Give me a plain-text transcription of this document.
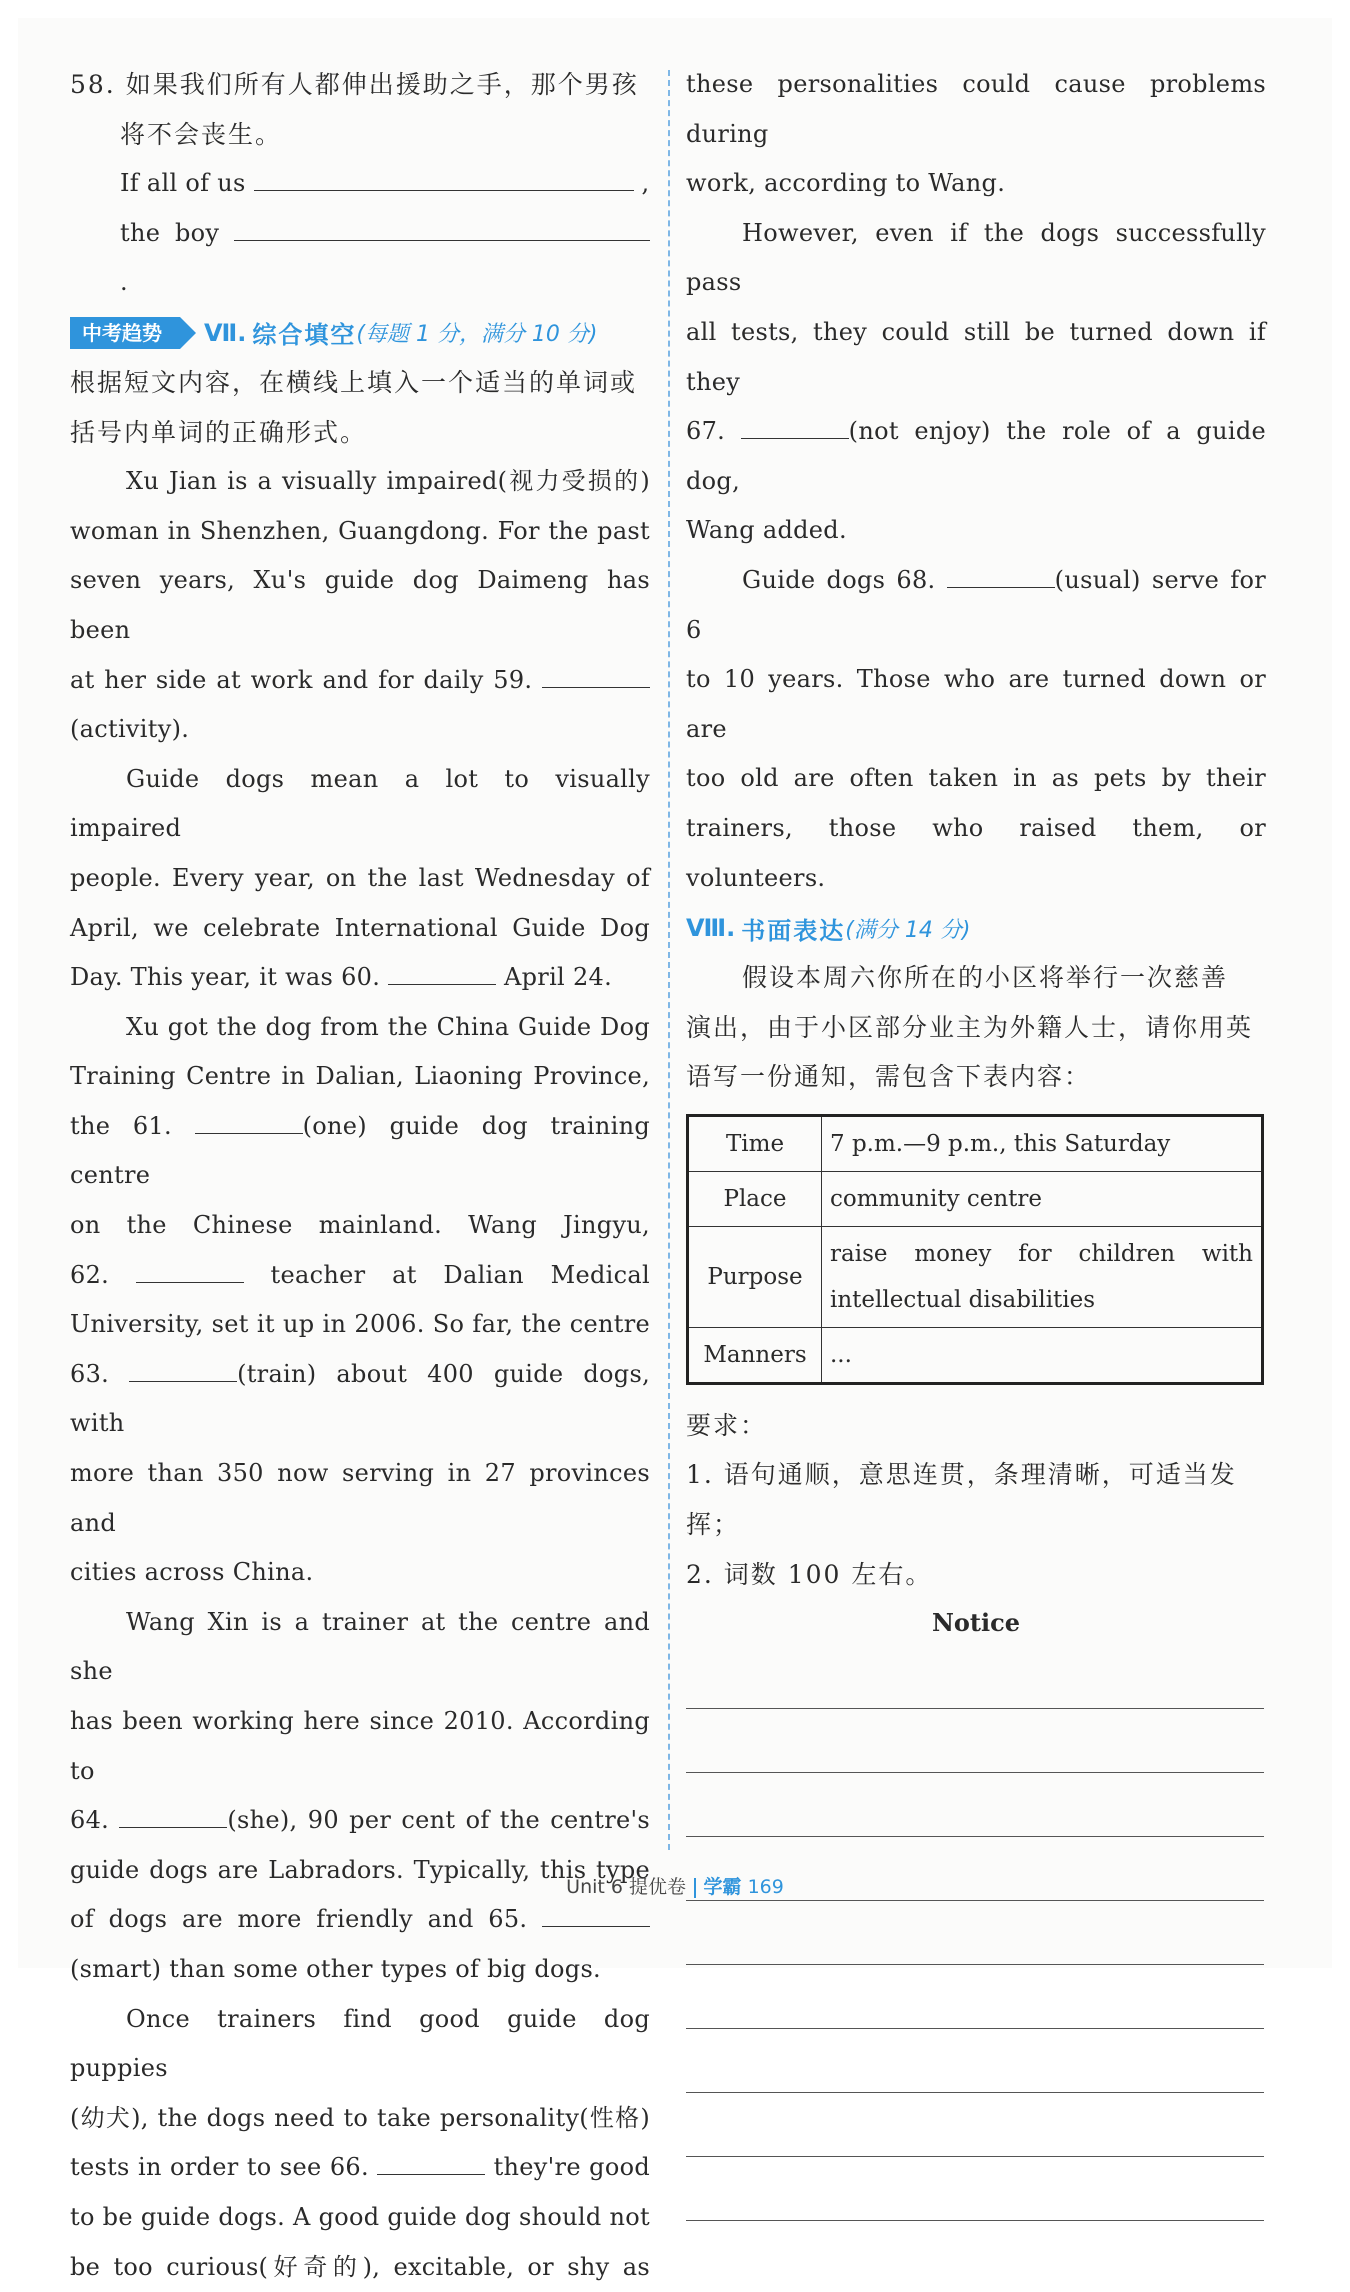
58. 如果我们所有人都伸出援助之手，那个男孩

将不会丧生。

If all of us	,

the boy  .

中考趋势	Ⅶ. 综合填空 (每题 1 分，满分 10 分)

根据短文内容，在横线上填入一个适当的单词或

括号内单词的正确形式。

Xu Jian is a visually impaired(视力受损的)

woman in Shenzhen, Guangdong. For the past

seven years, Xu's guide dog Daimeng has been

at her side at work and for daily 59.

(activity).

Guide dogs mean a lot to visually impaired

people. Every year, on the last Wednesday of

April, we celebrate International Guide Dog

Day. This year, it was 60.	April 24.

Xu got the dog from the China Guide Dog

Training Centre in Dalian, Liaoning Province,

the 61.	(one) guide dog training centre

on the Chinese mainland. Wang Jingyu,

62.	teacher at Dalian Medical

University, set it up in 2006. So far, the centre

63.	(train) about 400 guide dogs, with

more than 350 now serving in 27 provinces and

cities across China.

Wang Xin is a trainer at the centre and she

has been working here since 2010. According to

64.	(she), 90 per cent of the centre's

guide dogs are Labradors. Typically, this type

of dogs are more friendly and 65.

(smart) than some other types of big dogs.

Once trainers find good guide dog puppies

(幼犬), the dogs need to take personality(性格)

tests in order to see 66.	they're good

to be guide dogs. A good guide dog should not

be too curious(好奇的), excitable, or shy as

these personalities could cause problems during

work, according to Wang.

However, even if the dogs successfully pass

all tests, they could still be turned down if they

67.	(not enjoy) the role of a guide dog,

Wang added.

Guide dogs 68.	(usual) serve for 6

to 10 years. Those who are turned down or are

too old are often taken in as pets by their

trainers, those who raised them, or volunteers.

Ⅷ. 书面表达 (满分 14 分)

假设本周六你所在的小区将举行一次慈善

演出，由于小区部分业主为外籍人士，请你用英

语写一份通知，需包含下表内容：

Time	7 p.m.—9 p.m., this Saturday
Place	community centre
Purpose	raise money for children with
intellectual disabilities

Manners	...

要求：

1. 语句通顺，意思连贯，条理清晰，可适当发挥；

2. 词数 100 左右。

Notice
Unit 6 提优卷 学霸 169
